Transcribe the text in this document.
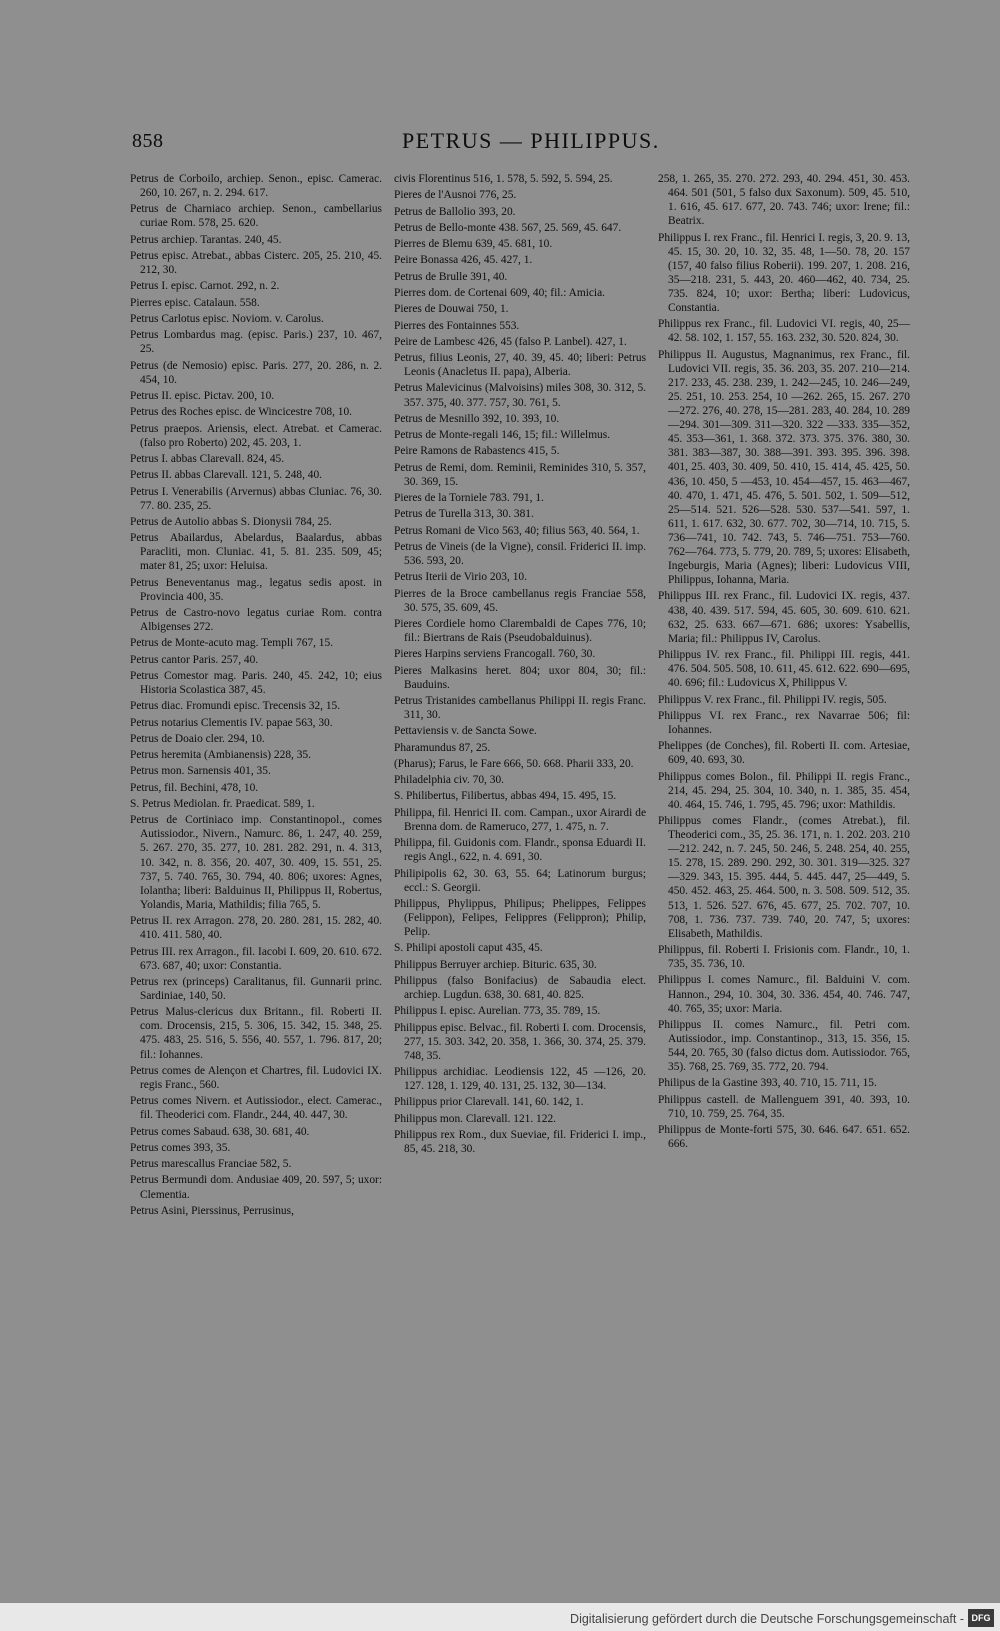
858	PETRUS — PHILIPPUS.
Petrus de Corboilo, archiep. Senon., episc. Camerac. 260, 10. 267, n. 2. 294. 617.
Petrus de Charniaco archiep. Senon., cambellarius curiae Rom. 578, 25. 620.
Petrus archiep. Tarantas. 240, 45.
Petrus episc. Atrebat., abbas Cisterc. 205, 25. 210, 45. 212, 30.
Petrus I. episc. Carnot. 292, n. 2.
Pierres episc. Catalaun. 558.
Petrus Carlotus episc. Noviom. v. Carolus.
Petrus Lombardus mag. (episc. Paris.) 237, 10. 467, 25.
Petrus (de Nemosio) episc. Paris. 277, 20. 286, n. 2. 454, 10.
Petrus II. episc. Pictav. 200, 10.
Petrus des Roches episc. de Wincicestre 708, 10.
Petrus praepos. Ariensis, elect. Atrebat. et Camerac. (falso pro Roberto) 202, 45. 203, 1.
Petrus I. abbas Clarevall. 824, 45.
Petrus II. abbas Clarevall. 121, 5. 248, 40.
Petrus I. Venerabilis (Arvernus) abbas Cluniac. 76, 30. 77. 80. 235, 25.
Petrus de Autolio abbas S. Dionysii 784, 25.
Petrus Abailardus, Abelardus, Baalardus, abbas Paracliti, mon. Cluniac. 41, 5. 81. 235. 509, 45; mater 81, 25; uxor: Heluisa.
Petrus Beneventanus mag., legatus sedis apost. in Provincia 400, 35.
Petrus de Castro-novo legatus curiae Rom. contra Albigenses 272.
Petrus de Monte-acuto mag. Templi 767, 15.
Petrus cantor Paris. 257, 40.
Petrus Comestor mag. Paris. 240, 45. 242, 10; eius Historia Scolastica 387, 45.
Petrus diac. Fromundi episc. Trecensis 32, 15.
Petrus notarius Clementis IV. papae 563, 30.
Petrus de Doaio cler. 294, 10.
Petrus heremita (Ambianensis) 228, 35.
Petrus mon. Sarnensis 401, 35.
Petrus, fil. Bechini, 478, 10.
S. Petrus Mediolan. fr. Praedicat. 589, 1.
Petrus de Cortiniaco imp. Constantinopol., comes Autissiodor., Nivern., Namurc. 86, 1. 247, 40. 259, 5. 267. 270, 35. 277, 10. 281. 282. 291, n. 4. 313, 10. 342, n. 8. 356, 20. 407, 30. 409, 15. 551, 25. 737, 5. 740. 765, 30. 794, 40. 806; uxores: Agnes, Iolantha; liberi: Balduinus II, Philippus II, Robertus, Yolandis, Maria, Mathildis; filia 765, 5.
Petrus II. rex Arragon. 278, 20. 280. 281, 15. 282, 40. 410. 411. 580, 40.
Petrus III. rex Arragon., fil. Iacobi I. 609, 20. 610. 672. 673. 687, 40; uxor: Constantia.
Petrus rex (princeps) Caralitanus, fil. Gunnarii princ. Sardiniae, 140, 50.
Petrus Malus-clericus dux Britann., fil. Roberti II. com. Drocensis, 215, 5. 306, 15. 342, 15. 348, 25. 475. 483, 25. 516, 5. 556, 40. 557, 1. 796. 817, 20; fil.: Iohannes.
Petrus comes de Alençon et Chartres, fil. Ludovici IX. regis Franc., 560.
Petrus comes Nivern. et Autissiodor., elect. Camerac., fil. Theoderici com. Flandr., 244, 40. 447, 30.
Petrus comes Sabaud. 638, 30. 681, 40.
Petrus comes 393, 35.
Petrus marescallus Franciae 582, 5.
Petrus Bermundi dom. Andusiae 409, 20. 597, 5; uxor: Clementia.
Petrus Asini, Pierssinus, Perrusinus,
civis Florentinus 516, 1. 578, 5. 592, 5. 594, 25.
Pieres de l'Ausnoi 776, 25.
Petrus de Ballolio 393, 20.
Petrus de Bello-monte 438. 567, 25. 569, 45. 647.
Pierres de Blemu 639, 45. 681, 10.
Peire Bonassa 426, 45. 427, 1.
Petrus de Brulle 391, 40.
Pierres dom. de Cortenai 609, 40; fil.: Amicia.
Pieres de Douwai 750, 1.
Pierres des Fontainnes 553.
Peire de Lambesc 426, 45 (falso P. Lanbel). 427, 1.
Petrus, filius Leonis, 27, 40. 39, 45. 40; liberi: Petrus Leonis (Anacletus II. papa), Alberia.
Petrus Malevicinus (Malvoisins) miles 308, 30. 312, 5. 357. 375, 40. 377. 757, 30. 761, 5.
Petrus de Mesnillo 392, 10. 393, 10.
Petrus de Monte-regali 146, 15; fil.: Willelmus.
Peire Ramons de Rabastencs 415, 5.
Petrus de Remi, dom. Reminii, Reminides 310, 5. 357, 30. 369, 15.
Pieres de la Torniele 783. 791, 1.
Petrus de Turella 313, 30. 381.
Petrus Romani de Vico 563, 40; filius 563, 40. 564, 1.
Petrus de Vineis (de la Vigne), consil. Friderici II. imp. 536. 593, 20.
Petrus Iterii de Virio 203, 10.
Pierres de la Broce cambellanus regis Franciae 558, 30. 575, 35. 609, 45.
Pieres Cordiele homo Clarembaldi de Capes 776, 10; fil.: Biertrans de Rais (Pseudobalduinus).
Pieres Harpins serviens Francogall. 760, 30.
Pieres Malkasins heret. 804; uxor 804, 30; fil.: Bauduins.
Petrus Tristanides cambellanus Philippi II. regis Franc. 311, 30.
Pettaviensis v. de Sancta Sowe.
Pharamundus 87, 25.
(Pharus); Farus, le Fare 666, 50. 668. Pharii 333, 20.
Philadelphia civ. 70, 30.
S. Philibertus, Filibertus, abbas 494, 15. 495, 15.
Philippa, fil. Henrici II. com. Campan., uxor Airardi de Brenna dom. de Rameruco, 277, 1. 475, n. 7.
Philippa, fil. Guidonis com. Flandr., sponsa Eduardi II. regis Angl., 622, n. 4. 691, 30.
Philipipolis 62, 30. 63, 55. 64; Latinorum burgus; eccl.: S. Georgii.
Philippus, Phylippus, Philipus; Phelippes, Felippes (Felippon), Felipes, Felippres (Felippron); Philip, Pelip.
S. Philipi apostoli caput 435, 45.
Philippus Berruyer archiep. Bituric. 635, 30.
Philippus (falso Bonifacius) de Sabaudia elect. archiep. Lugdun. 638, 30. 681, 40. 825.
Philippus I. episc. Aurelian. 773, 35. 789, 15.
Philippus episc. Belvac., fil. Roberti I. com. Drocensis, 277, 15. 303. 342, 20. 358, 1. 366, 30. 374, 25. 379. 748, 35.
Philippus archidiac. Leodiensis 122, 45 —126, 20. 127. 128, 1. 129, 40. 131, 25. 132, 30—134.
Philippus prior Clarevall. 141, 60. 142, 1.
Philippus mon. Clarevall. 121. 122.
Philippus rex Rom., dux Sueviae, fil. Friderici I. imp., 85, 45. 218, 30.
258, 1. 265, 35. 270. 272. 293, 40. 294. 451, 30. 453. 464. 501 (501, 5 falso dux Saxonum). 509, 45. 510, 1. 616, 45. 617. 677, 20. 743. 746; uxor: Irene; fil.: Beatrix.
Philippus I. rex Franc., fil. Henrici I. regis, 3, 20. 9. 13, 45. 15, 30. 20, 10. 32, 35. 48, 1—50. 78, 20. 157 (157, 40 falso filius Roberii). 199. 207, 1. 208. 216, 35—218. 231, 5. 443, 20. 460—462, 40. 734, 25. 735. 824, 10; uxor: Bertha; liberi: Ludovicus, Constantia.
Philippus rex Franc., fil. Ludovici VI. regis, 40, 25—42. 58. 102, 1. 157, 55. 163. 232, 30. 520. 824, 30.
Philippus II. Augustus, Magnanimus, rex Franc., fil. Ludovici VII. regis, 35. 36. 203, 35. 207. 210—214. 217. 233, 45. 238. 239, 1. 242—245, 10. 246—249, 25. 251, 10. 253. 254, 10 —262. 265, 15. 267. 270—272. 276, 40. 278, 15—281. 283, 40. 284, 10. 289—294. 301—309. 311—320. 322 —333. 335—352, 45. 353—361, 1. 368. 372. 373. 375. 376. 380, 30. 381. 383—387, 30. 388—391. 393. 395. 396. 398. 401, 25. 403, 30. 409, 50. 410, 15. 414, 45. 425, 50. 436, 10. 450, 5 —453, 10. 454—457, 15. 463—467, 40. 470, 1. 471, 45. 476, 5. 501. 502, 1. 509—512, 25—514. 521. 526—528. 530. 537—541. 597, 1. 611, 1. 617. 632, 30. 677. 702, 30—714, 10. 715, 5. 736—741, 10. 742. 743, 5. 746—751. 753—760. 762—764. 773, 5. 779, 20. 789, 5; uxores: Elisabeth, Ingeburgis, Maria (Agnes); liberi: Ludovicus VIII, Philippus, Iohanna, Maria.
Philippus III. rex Franc., fil. Ludovici IX. regis, 437. 438, 40. 439. 517. 594, 45. 605, 30. 609. 610. 621. 632, 25. 633. 667—671. 686; uxores: Ysabellis, Maria; fil.: Philippus IV, Carolus.
Philippus IV. rex Franc., fil. Philippi III. regis, 441. 476. 504. 505. 508, 10. 611, 45. 612. 622. 690—695, 40. 696; fil.: Ludovicus X, Philippus V.
Philippus V. rex Franc., fil. Philippi IV. regis, 505.
Philippus VI. rex Franc., rex Navarrae 506; fil: Iohannes.
Phelippes (de Conches), fil. Roberti II. com. Artesiae, 609, 40. 693, 30.
Philippus comes Bolon., fil. Philippi II. regis Franc., 214, 45. 294, 25. 304, 10. 340, n. 1. 385, 35. 454, 40. 464, 15. 746, 1. 795, 45. 796; uxor: Mathildis.
Philippus comes Flandr., (comes Atrebat.), fil. Theoderici com., 35, 25. 36. 171, n. 1. 202. 203. 210—212. 242, n. 7. 245, 50. 246, 5. 248. 254, 40. 255, 15. 278, 15. 289. 290. 292, 30. 301. 319—325. 327—329. 343, 15. 395. 444, 5. 445. 447, 25—449, 5. 450. 452. 463, 25. 464. 500, n. 3. 508. 509. 512, 35. 513, 1. 526. 527. 676, 45. 677, 25. 702. 707, 10. 708, 1. 736. 737. 739. 740, 20. 747, 5; uxores: Elisabeth, Mathildis.
Philippus, fil. Roberti I. Frisionis com. Flandr., 10, 1. 735, 35. 736, 10.
Philippus I. comes Namurc., fil. Balduini V. com. Hannon., 294, 10. 304, 30. 336. 454, 40. 746. 747, 40. 765, 35; uxor: Maria.
Philippus II. comes Namurc., fil. Petri com. Autissiodor., imp. Constantinop., 313, 15. 356, 15. 544, 20. 765, 30 (falso dictus dom. Autissiodor. 765, 35). 768, 25. 769, 35. 772, 20. 794.
Philipus de la Gastine 393, 40. 710, 15. 711, 15.
Philippus castell. de Mallenguem 391, 40. 393, 10. 710, 10. 759, 25. 764, 35.
Philippus de Monte-forti 575, 30. 646. 647. 651. 652. 666.
Digitalisierung gefördert durch die Deutsche Forschungsgemeinschaft - DFG
